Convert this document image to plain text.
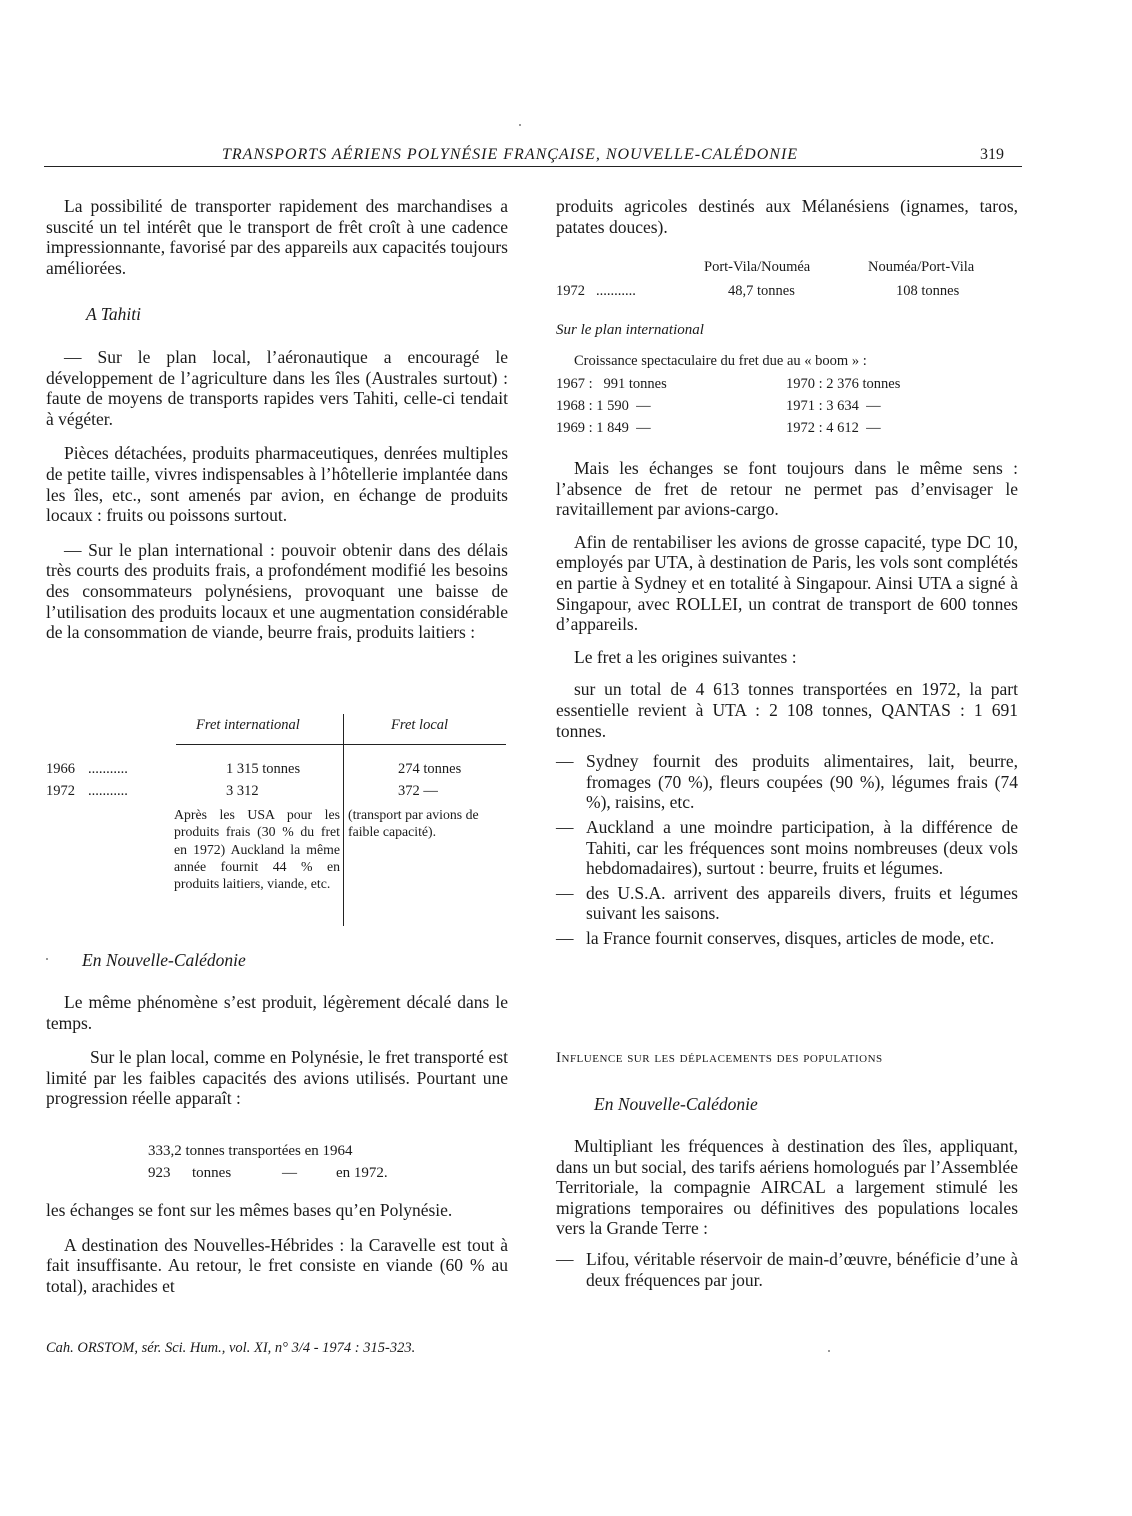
TRANSPORTS AÉRIENS POLYNÉSIE FRANÇAISE, NOUVELLE-CALÉDONIE	319

La possibilité de transporter rapidement des marchandises a suscité un tel intérêt que le transport de frêt croît à une cadence impressionnante, favorisé par des appareils aux capacités toujours améliorées.

A Tahiti

— Sur le plan local, l’aéronautique a encouragé le développement de l’agriculture dans les îles (Australes surtout) : faute de moyens de transports rapides vers Tahiti, celle-ci tendait à végéter.

Pièces détachées, produits pharmaceutiques, denrées multiples de petite taille, vivres indispensables à l’hôtellerie implantée dans les îles, etc., sont amenés par avion, en échange de produits locaux : fruits ou poissons surtout.

— Sur le plan international : pouvoir obtenir dans des délais très courts des produits frais, a profondément modifié les besoins des consommateurs polynésiens, provoquant une baisse de l’utilisation des produits locaux et une augmentation considérable de la consommation de viande, beurre frais, produits laitiers :

Fret international	Fret local
1966 ...........	1 315 tonnes	274 tonnes
1972 ...........	3 312	372 —
Après les USA pour les produits frais (30 % du fret en 1972) Auckland la même année fournit 44 % en produits laitiers, viande, etc.
(transport par avions de faible capacité).
En Nouvelle-Calédonie

Le même phénomène s’est produit, légèrement décalé dans le temps.

Sur le plan local, comme en Polynésie, le fret transporté est limité par les faibles capacités des avions utilisés. Pourtant une progression réelle apparaît :

333,2 tonnes transportées en 1964
923 tonnes	—	en 1972.

les échanges se font sur les mêmes bases qu’en Polynésie.

A destination des Nouvelles-Hébrides : la Caravelle est tout à fait insuffisante. Au retour, le fret consiste en viande (60 % au total), arachides et

Cah. ORSTOM, sér. Sci. Hum., vol. XI, n° 3/4 - 1974 : 315-323.
produits agricoles destinés aux Mélanésiens (ignames, taros, patates douces).
Port-Vila/Nouméa	Nouméa/Port-Vila
1972 ...........	48,7 tonnes	108 tonnes
Sur le plan international
Croissance spectaculaire du fret due au « boom » :
1967 :   991 tonnes	1970 : 2 376 tonnes
1968 : 1 590  —	1971 : 3 634  —
1969 : 1 849  —	1972 : 4 612  —

Mais les échanges se font toujours dans le même sens : l’absence de fret de retour ne permet pas d’envisager le ravitaillement par avions-cargo.

Afin de rentabiliser les avions de grosse capacité, type DC 10, employés par UTA, à destination de Paris, les vols sont complétés en partie à Sydney et en totalité à Singapour. Ainsi UTA a signé à Singapour, avec ROLLEI, un contrat de transport de 600 tonnes d’appareils.

Le fret a les origines suivantes :

sur un total de 4 613 tonnes transportées en 1972, la part essentielle revient à UTA : 2 108 tonnes, QANTAS : 1 691 tonnes.

— Sydney fournit des produits alimentaires, lait, beurre, fromages (70 %), fleurs coupées (90 %), légumes frais (74 %), raisins, etc.
— Auckland a une moindre participation, à la différence de Tahiti, car les fréquences sont moins nombreuses (deux vols hebdomadaires), surtout : beurre, fruits et légumes.
— des U.S.A. arrivent des appareils divers, fruits et légumes suivant les saisons.
— la France fournit conserves, disques, articles de mode, etc.
Influence sur les déplacements des populations
En Nouvelle-Calédonie

Multipliant les fréquences à destination des îles, appliquant, dans un but social, des tarifs aériens homologués par l’Assemblée Territoriale, la compagnie AIRCAL a largement stimulé les migrations temporaires ou définitives des populations locales vers la Grande Terre :

— Lifou, véritable réservoir de main-d’œuvre, bénéficie d’une à deux fréquences par jour.
